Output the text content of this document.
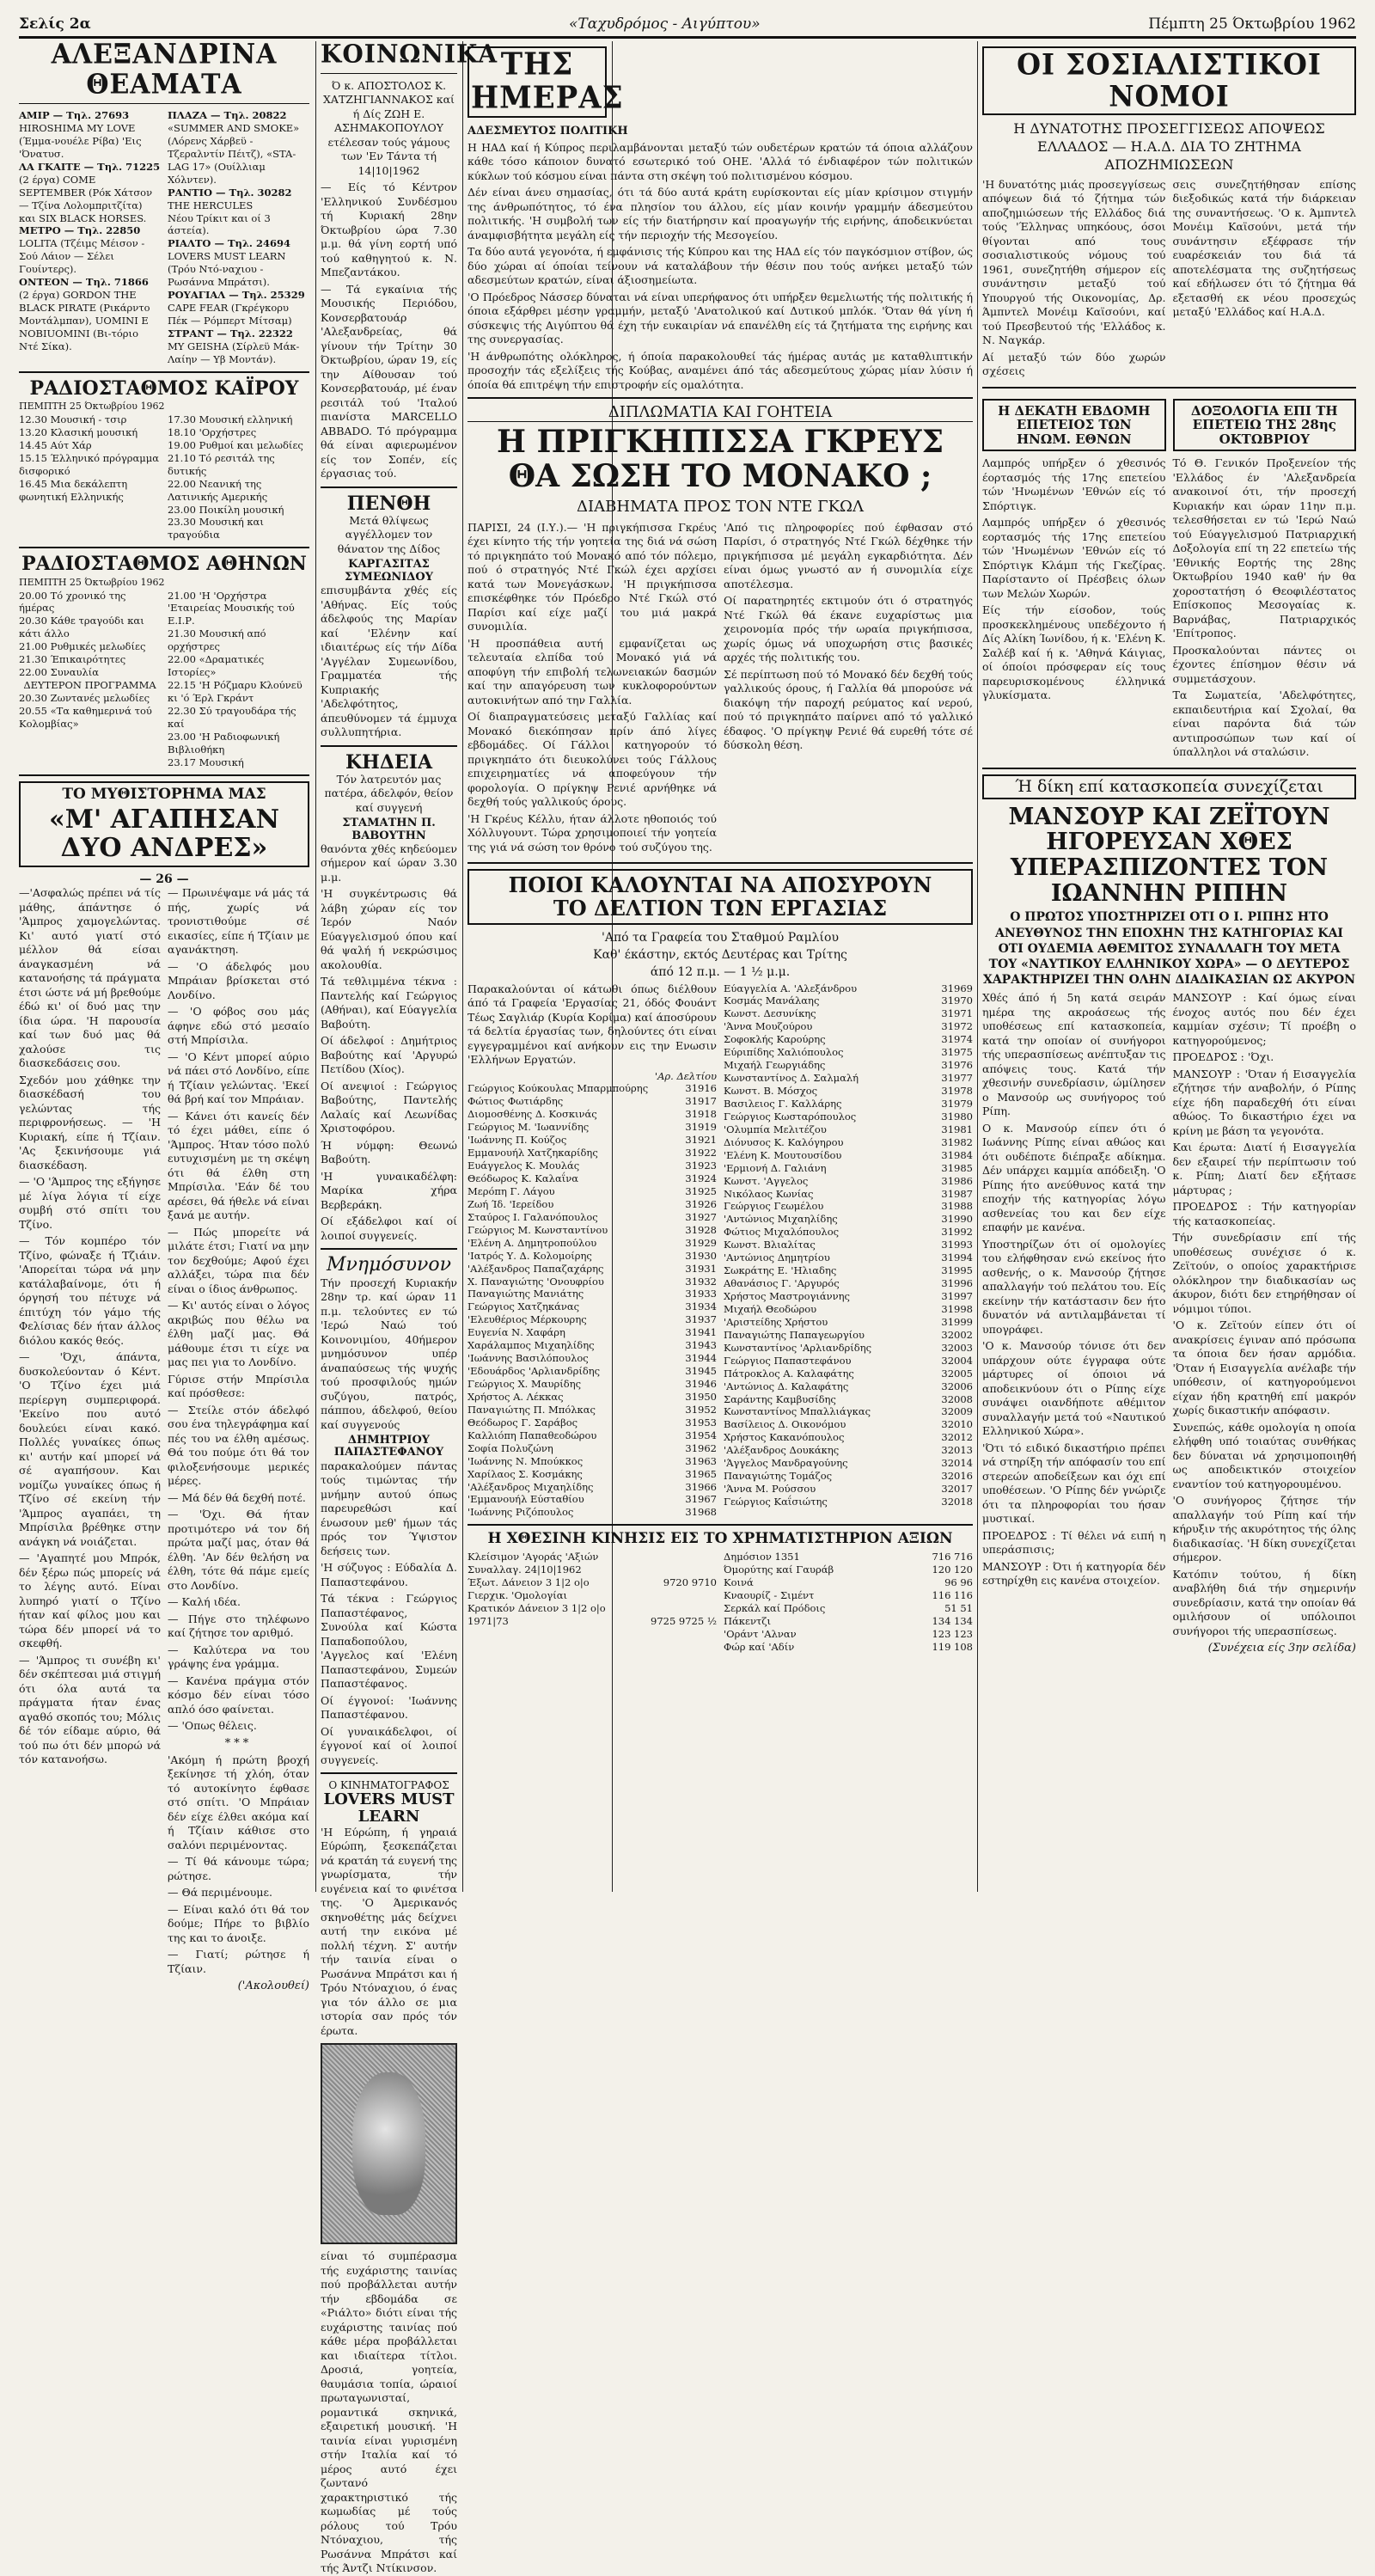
Σελίς 2α	«Ταχυδρόμος - Αιγύπτου»	Πέμπτη 25 Όκτωβρίου 1962
ΑΛΕΞΑΝΔΡΙΝΑ ΘΕΑΜΑΤΑ
ΑΜΙΡ — Τηλ. 27693
HIROSHIMA MY LOVE (Έμμα-νουέλε Ρίβα) 'Εις 'Όνατυσ.
ΛΑ ΓΚΑΙΤΕ — Τηλ. 71225
(2 έργα) COME SEPTEMBER (Ρόκ Χάτσον — Τζίνα Λολομπριτζίτα) και SIX BLACK HORSES.
ΜΕΤΡΟ — Τηλ. 22850
LOLITA (Τζέιμς Μέισον - Σού Λάιον — Σέλει Γουίντερς).
ΟΝΤΕΟΝ — Τηλ. 71866
(2 έργα) GORDON THE BLACK PIRATE (Ρικάρντο Μοντάλμπαν), UOMINI E NOBIUOMINI (Βι-τόριο Ντέ Σίκα).
ΠΛΑΖΑ — Τηλ. 20822
«SUMMER AND SMOKE» (Λόρενς Χάρβεϋ - Τζεραλντίν Πέιτζ), «STA-LAG 17» (Ουίλλιαμ Χόλντεν).
ΡΑΝΤΙΟ — Τηλ. 30282
THE HERCULES
Νέου Τρίκιτ και οί 3 άστεία).
ΡΙΑΛΤΟ — Τηλ. 24694
LOVERS MUST LEARN (Τρόυ Ντό-ναχιου - Ρωσάννα Μπράτσι).
ΡΟΥΑΓΙΑΛ — Τηλ. 25329
CAPE FEAR (Γκρέγκορυ Πέκ — Ρόμπερτ Μίτσαμ)
ΣΤΡΑΝΤ — Τηλ. 22322
MY GEISHA (Σίρλεϋ Μάκ-Λαίην — Υβ Μοντάν).
ΡΑΔΙΟΣΤΑΘΜΟΣ ΚΑΪΡΟΥ
ΠΕΜΠΤΗ 25 Όκτωβρίου 1962
12.30 Μουσική - τσιρ
13.20 Κλασική μουσική
14.45 Αύτ Χάρ
15.15 Έλληνικό πρόγραμμα δισφορικό
16.45 Μια δεκάλεπτη φωνητική Ελληνικής
17.30 Μουσική ελληνική
18.10 'Ορχήστρες
19.00 Ρυθμοί και μελωδίες
21.10 Τό ρεσιτάλ της δυτικής
22.00 Νεανική της Λατινικής Αμερικής
23.00 Ποικίλη μουσική
23.30 Μουσική και τραγούδια
ΡΑΔΙΟΣΤΑΘΜΟΣ ΑΘΗΝΩΝ
ΠΕΜΠΤΗ 25 Όκτωβρίου 1962
20.00 Τό χρονικό της ήμέρας
20.30 Κάθε τραγούδι και κάτι άλλο
21.00 Ρυθμικές μελωδίες
21.30 Έπικαιρότητες
22.00 Συναυλία
ΔΕΥΤΕΡΟΝ ΠΡΟΓΡΑΜΜΑ
20.30 Ζωντανές μελωδίες
20.55 «Τα καθημερινά τού Κολομβίας»
21.00 'Η 'Ορχήστρα 'Εταιρείας Μουσικής τού Ε.Ι.Ρ.
21.30 Μουσική από ορχήστρες
22.00 «Δραματικές Ιστορίες»
22.15 'Η Ρόζμαρυ Κλούνεϋ κι 'ό Έρλ Γκράντ
22.30 Σύ τραγουδάρα τής καί
23.00 'Η Ραδιοφωνική Βιβλιοθήκη
23.17 Μουσική
ΤΟ ΜΥΘΙΣΤΟΡΗΜΑ ΜΑΣ
«Μ' ΑΓΑΠΗΣΑΝ ΔΥΟ ΑΝΔΡΕΣ»
— 26 —

—'Ασφαλώς πρέπει νά τίς μάθης, άπάντησε ό 'Άμπρος χαμογελώντας. Κι' αυτό γιατί στό μέλλον θά είσαι άναγκασμένη νά κατανοήσης τά πράγματα έτσι ώστε νά μή βρεθούμε έδώ κι' οί δυό μας την ίδια ώρα. 'Η παρουσία καί των δυό μας θά χαλούσε τις διασκεδάσεις σου.

Σχεδόν μου χάθηκε την διασκέδασή του γελώντας τής περιφρονήσεως. — 'Η Κυριακή, είπε ή Τζίαιν. 'Ας ξεκινήσουμε γιά διασκέδαση.

— 'Ο 'Άμπρος της εξήγησε μέ λίγα λόγια τί είχε συμβή στό σπίτι του Τζίνο.

— Τόν κομπέρο τόν Τζίνο, φώναξε ή Τζιάιν. 'Απορείται τώρα νά μην κατάλαβαίνομε, ότι ή όργησή του πέτυχε νά έπιτύχη τόν γάμο τής Φελίσιας δέν ήταν άλλος διόλου κακός θεός.

— 'Όχι, άπάντα, δυσκολεύονταν ό Κέντ. 'Ο Τζίνο έχει μιά περίεργη συμπεριφορά. 'Εκείνο που αυτό δουλεύει είναι κακό. Πολλές γυναίκες όπως κι' αυτήν καί μπορεί νά σέ αγαπήσουν. Και νομίζω γυναίκες όπως ή Τζίνο σέ εκείνη τήν 'Άμπρος αγαπάει, τη Μπρίσιλα βρέθηκε στην ανάγκη νά νοιάζεται.

— 'Αγαπητέ μου Μπρόκ, δέν ξέρω πώς μπορείς νά το λέγης αυτό. Είναι λυπηρό γιατί ο Τζίνο ήταν καί φίλος μου και τώρα δέν μπορεί νά το σκεφθή.

— 'Άμπρος τι συνέβη κι' δέν σκέπτεσαι μιά στιγμή ότι όλα αυτά τα πράγματα ήταν ένας αγαθό σκοπός του; Μόλις δέ τόν είδαμε αύριο, θά τού πω ότι δέν μπορώ νά τόν κατανοήσω.

— Πρωινέψαμε νά μάς τά πής, χωρίς νά τρονιστιθούμε σέ εικασίες, είπε ή Τζίαιν με αγανάκτηση.

— 'Ο άδελφός μου Μπράιαν βρίσκεται στό Λονδίνο.

— 'Ο φόβος σου μάς άφηνε εδώ στό μεσαίο στή Μπρίσιλα.

— 'Ο Κέντ μπορεί αύριο νά πάει στό Λονδίνο, είπε ή Τζίαιν γελώντας. 'Εκεί θά βρή καί τον Μπράιαν.

— Κάνει ότι κανείς δέν τό έχει μάθει, είπε ό 'Άμπρος. Ήταν τόσο πολύ ευτυχισμένη με τη σκέψη ότι θά έλθη στη Μπρίσιλα. 'Εάν δέ του αρέσει, θά ήθελε νά είναι ξανά με αυτήν.

— Πώς μπορείτε νά μιλάτε έτσι; Γιατί να μην τον δεχθούμε; Αφού έχει αλλάξει, τώρα πια δέν είναι ο ίδιος άνθρωπος.

— Κι' αυτός είναι ο λόγος ακριβώς που θέλω να έλθη μαζί μας. Θά μάθουμε έτσι τι είχε να μας πει για το Λονδίνο.

Γύρισε στήν Μπρίσιλα καί πρόσθεσε:

— Στείλε στόν άδελφό σου ένα τηλεγράφημα καί πές του να έλθη αμέσως. Θά του πούμε ότι θά τον φιλοξενήσουμε μερικές μέρες.

— Μά δέν θά δεχθή ποτέ.

— 'Όχι. Θά ήταν προτιμότερο νά τον δή πρώτα μαζί μας, όταν θά έλθη. 'Αν δέν θελήση να έλθη, τότε θά πάμε εμείς στο Λονδίνο.

— Καλή ιδέα.

— Πήγε στο τηλέφωνο καί ζήτησε τον αριθμό.

— Καλύτερα να του γράψης ένα γράμμα.

— Κανένα πράγμα στόν κόσμο δέν είναι τόσο απλό όσο φαίνεται.

— 'Οπως θέλεις.

***

'Ακόμη ή πρώτη βροχή ξεκίνησε τή χλόη, όταν τό αυτοκίνητο έφθασε στό σπίτι. 'Ο Μπράιαν δέν είχε έλθει ακόμα καί ή Τζίαιν κάθισε στο σαλόνι περιμένοντας.

— Τί θά κάνουμε τώρα; ρώτησε.

— Θά περιμένουμε.

— Είναι καλό ότι θά τον δούμε; Πήρε το βιβλίο της και το άνοιξε.

— Γιατί; ρώτησε ή Τζίαιν.

('Ακολουθεί)
ΚΟΙΝΩΝΙΚΑ

Ό κ. ΑΠΟΣΤΟΛΟΣ Κ. ΧΑΤΖΗΓΙΑΝΝΑΚΟΣ καί ή Δίς ΖΩΗ Ε. ΑΣΗΜΑΚΟΠΟΥΛΟΥ ετέλεσαν τούς γάμους των 'Εν Τάντα τή 14|10|1962

— Είς τό Κέντρον 'Ελληνικού Συνδέσμου τή Κυριακή 28ην Όκτωβρίου ώρα 7.30 μ.μ. θά γίνη εορτή υπό τού καθηγητού κ. Ν. Μπεζαντάκου.

— Τά εγκαίνια τής Μουσικής Περιόδου, Κονσερβατουάρ 'Αλεξανδρείας, θά γίνουν τήν Τρίτην 30 Όκτωβρίου, ώραν 19, είς την Αίθουσαν τού Κονσερβατουάρ, μέ έναν ρεσιτάλ τού 'Ιταλού πιανίστα MARCELLO ABBADO. Τό πρόγραμμα θά είναι αφιερωμένον είς τον Σοπέν, είς έργασιας τού.

ΠΕΝΘΗ

Μετά θλίψεως αγγέλλομεν τον θάνατον της Δίδος

ΚΑΡΓΑΣΙΤΑΣ ΣΥΜΕΩΝΙΔΟΥ

επισυμβάντα χθές είς 'Αθήνας. Είς τούς άδελφούς της Μαρίαν καί 'Ελένην καί ιδιαιτέρως είς τήν Δίδα 'Αγγέλαν Συμεωνίδου, Γραμματέα τής Κυπριακής 'Αδελφότητος, άπευθύνομεν τά έμμυχα συλλυπητήρια.

ΚΗΔΕΙΑ

Τόν λατρευτόν μας πατέρα, άδελφόν, θείον καί συγγενή

ΣΤΑΜΑΤΗΝ Π. ΒΑΒΟΥΤΗΝ

θανόντα χθές κηδεύομεν σήμερον καί ώραν 3.30 μ.μ.

'Η συγκέντρωσις θά λάβη χώραν είς τον Ίερόν Ναόν Εύαγγελισμού όπου καί θά ψαλή ή νεκρώσιμος ακολουθία.

Τά τεθλιμμένα τέκνα : Παντελής καί Γεώργιος (Αθήναι), καί Εύαγγελία Βαβούτη.

Οί άδελφοί : Δημήτριος Βαβούτης καί 'Αργυρώ Πετίδου (Χίος).

Οί ανεψιοί : Γεώργιος Βαβούτης, Παντελής Λαλαίς καί Λεωνίδας Χριστοφόρου.

Ή νύμφη: Θεωνώ Βαβούτη.

'Η γυναικαδέλφη: Μαρίκα χήρα Βερβεράκη.

Οί εξάδελφοι καί οί λοιποί συγγενείς.

Μνημόσυνον

Τήν προσεχή Κυριακήν 28ην τρ. καί ώραν 11 π.μ. τελούντες εν τώ 'Ιερώ Ναώ τού Κοινονιμίου, 40ήμερον μνημόσυνον υπέρ άναπαύσεως τής ψυχής τού προσφιλούς ημών συζύγου, πατρός, πάππου, άδελφού, θείου καί συγγενούς

ΔΗΜΗΤΡΙΟΥ ΠΑΠΑΣΤΕΦΑΝΟΥ

παρακαλούμεν πάντας τούς τιμώντας τήν μνήμην αυτού όπως παρευρεθώσι καί ένωσουν μεθ' ήμων τάς πρός τον Ύψιστον δεήσεις των.

'Η σύζυγος : Εύδαλία Δ. Παπαστεφάνου.

Τά τέκνα : Γεώργιος Παπαστέφανος, Συνούλα καί Κώστα Παπαδοπούλου, 'Αγγελος καί 'Ελένη Παπαστεφάνου, Συμεών Παπαστέφανος.

Οί έγγονοί: 'Ιωάννης Παπαστέφανου.

Οί γυναικάδελφοι, οί έγγονοί καί οί λοιποί συγγενείς.

Ο ΚΙΝΗΜΑΤΟΓΡΑΦΟΣ
LOVERS MUST LEARN

'Η Εύρώπη, ή γηραιά Εύρώπη, ξεσκεπάζεται νά κρατάη τά ευγενή της γνωρίσματα, τήν ευγένεια καί το φινέτσα της. 'Ο Άμερικανός σκηνοθέτης μάς δείχνει αυτή την εικόνα μέ πολλή τέχνη. Σ' αυτήν τήν ταινία είναι ο Ρωσάννα Μπράτσι και ή Τρόυ Ντόναχιου, ό ένας για τόν άλλο σε μια ιστορία σαν πρός τόν έρωτα.

είναι τό συμπέρασμα τής ευχάριστης ταινίας πού προβάλλεται αυτήν τήν εβδομάδα σε «Ριάλτο» διότι είναι τής ευχάριστης ταινίας πού κάθε μέρα προβάλλεται και ιδιαίτερα τίτλοι. Δροσιά, γοητεία, θαυμάσια τοπία, ώραιοί πρωταγωνισταί, ρομαντικά σκηνικά, εξαιρετική μουσική. 'Η ταινία είναι γυρισμένη στήν Ιταλία καί τό μέρος αυτό έχει ζωντανό χαρακτηριστικό τής κωμωδίας μέ τούς ρόλους τού Τρόυ Ντόναχιου, τής Ρωσάννα Μπράτσι καί τής Άντζι Ντίκινσον.

ΤΗΣ ΗΜΕΡΑΣ
ΑΔΕΣΜΕΥΤΟΣ ΠΟΛΙΤΙΚΗ

Η ΗΑΔ καί ή Κύπρος περιλαμβάνονται μεταξύ τών ουδετέρων κρατών τά όποια αλλάζουν κάθε τόσο κάποιον δυνατό εσωτερικό τού ΟΗΕ. 'Αλλά τό ένδιαφέρον τών πολιτικών κύκλων τού κόσμου είναι πάντα στη σκέψη τού πολιτισμένου κόσμου.

Δέν είναι άνευ σημασίας, ότι τά δύο αυτά κράτη ευρίσκονται είς μίαν κρίσιμον στιγμήν της άνθρωπότητος, τό ένα πλησίον του άλλου, είς μίαν κοινήν γραμμήν άδεσμεύτου πολιτικής. 'Η συμβολή των είς τήν διατήρησιν καί προαγωγήν τής ειρήνης, άποδεικνύεται άναμφισβήτητα μεγάλη είς τήν περιοχήν τής Μεσογείου.

Τα δύο αυτά γεγονότα, ή εμφάνισις τής Κύπρου και της ΗΑΔ είς τόν παγκόσμιον στίβον, ώς δύο χώραι αί όποίαι τείνουν νά καταλάβουν τήν θέσιν που τούς ανήκει μεταξύ τών αδεσμεύτων κρατών, είναι άξιοσημείωτα.

'Ο Πρόεδρος Νάσσερ δύναται νά είναι υπερήφανος ότι υπήρξεν θεμελιωτής τής πολιτικής ή όποια εξάρθρει μέσην γραμμήν, μεταξύ 'Ανατολικού καί Δυτικού μπλόκ. 'Όταν θά γίνη ή σύσκεψις τής Αιγύπτου θά έχη τήν ευκαιρίαν νά επανέλθη είς τά ζητήματα της ειρήνης και της συνεργασίας.

'Η άνθρωπότης ολόκληρος, ή όποία παρακολουθεί τάς ήμέρας αυτάς με καταθλιπτικήν προσοχήν τάς εξελίξεις τής Κούβας, αναμένει άπό τάς αδεσμεύτους χώρας μίαν λύσιν ή όποία θά επιτρέψη τήν επιστροφήν είς ομαλότητα.

ΔΙΠΛΩΜΑΤΙΑ ΚΑΙ ΓΟΗΤΕΙΑ
Η ΠΡΙΓΚΗΠΙΣΣΑ ΓΚΡΕΥΣ
ΘΑ ΣΩΣΗ ΤΟ ΜΟΝΑΚΟ ;
ΔΙΑΒΗΜΑΤΑ ΠΡΟΣ ΤΟΝ ΝΤΕ ΓΚΩΛ

ΠΑΡΙΣΙ, 24 (Ι.Υ.).— 'Η πριγκήπισσα Γκρέυς έχει κίνητο τής τήν γοητεία της διά νά σώση τό πριγκηπάτο τού Μονακό από τόν πόλεμο, πού ό στρατηγός Ντέ Γκώλ έχει αρχίσει κατά των Μονεγάσκων. 'Η πριγκήπισσα επισκέφθηκε τόν Πρόεδρο Ντέ Γκώλ στό Παρίσι καί είχε μαζί του μιά μακρά συνομιλία.

'Η προσπάθεια αυτή εμφανίζεται ως τελευταία ελπίδα τού Μονακό γιά νά αποφύγη τήν επιβολή τελωνειακών δασμών καί την απαγόρευση των κυκλοφορούντων αυτοκινήτων από την Γαλλία.

Οί διαπραγματεύσεις μεταξύ Γαλλίας καί Μονακό διεκόπησαν πρίν άπό λίγες εβδομάδες. Οί Γάλλοι κατηγορούν τό πριγκηπάτο ότι διευκολύνει τούς Γάλλους επιχειρηματίες νά αποφεύγουν τήν φορολογία. Ο πρίγκηψ Ρενιέ αρνήθηκε νά δεχθή τούς γαλλικούς όρους.

'Η Γκρέυς Κέλλυ, ήταν άλλοτε ηθοποιός τού Χόλλυγουντ. Τώρα χρησιμοποιεί τήν γοητεία της γιά νά σώση τον θρόνο τού συζύγου της.

'Από τις πληροφορίες πού έφθασαν στό Παρίσι, ό στρατηγός Ντέ Γκώλ δέχθηκε τήν πριγκήπισσα μέ μεγάλη εγκαρδιότητα. Δέν είναι όμως γνωστό αν ή συνομιλία είχε αποτέλεσμα.

Οί παρατηρητές εκτιμούν ότι ό στρατηγός Ντέ Γκώλ θά έκανε ευχαρίστως μια χειρονομία πρός τήν ωραία πριγκήπισσα, χωρίς όμως νά υποχωρήση στις βασικές αρχές τής πολιτικής του.

Σέ περίπτωση πού τό Μονακό δέν δεχθή τούς γαλλικούς όρους, ή Γαλλία θά μπορούσε νά διακόψη τήν παροχή ρεύματος καί νερού, πού τό πριγκηπάτο παίρνει από τό γαλλικό έδαφος. 'Ο πρίγκηψ Ρενιέ θά ευρεθή τότε σέ δύσκολη θέση.

ΠΟΙΟΙ ΚΑΛΟΥΝΤΑΙ ΝΑ ΑΠΟΣΥΡΟΥΝ
ΤΟ ΔΕΛΤΙΟΝ ΤΩΝ ΕΡΓΑΣΙΑΣ
'Από τα Γραφεία του Σταθμού Ραμλίου
Καθ' έκάστην, εκτός Δευτέρας και Τρίτης
άπό 12 π.μ. — 1 ½ μ.μ.

Παρακαλούνται οί κάτωθι όπως διέλθουν άπό τά Γραφεία 'Εργασίας 21, όδός Φουάντ Τέως Σαγλιάρ (Κυρία Κορίμα) καί άποσύρουν τά δελτία έργασίας των, δηλούντες ότι είναι εγγεγραμμένοι καί ανήκουν εις την Ενωσιν 'Ελλήνων Εργατών.

'Αρ. Δελτίου
Γεώργιος Κούκουλας Μπαρμπούρης	31916
Φώτιος Φωτιάρδης	31917
Διομοσθένης Δ. Κοσκινάς	31918
Γεώργιος Μ. 'Ιωαννίδης	31919
'Ιωάννης Π. Κούζος	31921
Εμμανουήλ Χατζηκαρίδης	31922
Ευάγγελος Κ. Μουλάς	31923
Θεόδωρος Κ. Καλαΐνα	31924
Μερόπη Γ. Λάγου	31925
Ζωή Ίδ. 'Ιερείδου	31926
Σταύρος Ι. Γαλανόπουλος	31927
Γεώργιος Μ. Κωνσταντίνου	31928
'Ελένη Α. Δημητροπούλου	31929
'Ιατρός Υ. Δ. Κολομοίρης	31930
'Αλέξανδρος Παπαζαχάρης	31931
Χ. Παναγιώτης 'Ονουφρίου	31932
Παναγιώτης Μανιάτης	31933
Γεώργιος Χατζηκάνας	31934
'Ελευθέριος Μέρκουρης	31937
Ευγενία Ν. Χαφάρη	31941
Χαράλαμπος Μιχαηλίδης	31943
'Ιωάννης Βασιλόπουλος	31944
'Εδουάρδος 'Αρλιανδρίδης	31945
Γεώργιος Χ. Μαυρίδης	31946
Χρήστος Α. Λέκκας	31950
Παναγιώτης Π. Μπόλκας	31952
Θεόδωρος Γ. Σαράβος	31953
Καλλιόπη Παπαθεοδώρου	31954
Σοφία Πολυζώνη	31962
'Ιωάννης Ν. Μπούκκος	31963
Χαρίλαος Σ. Κοσμάκης	31965
'Αλέξανδρος Μιχαηλίδης	31966
'Εμμανουήλ Εύσταθίου	31967
'Ιωάννης Ριζόπουλος	31968
Εύαγγελία Α. 'Αλεξάνδρου	31969
Κοσμάς Μανάλαης	31970
Κωνστ. Δεσυνίκης	31971
'Άννα Μουζούρου	31972
Σοφοκλής Καρούρης	31974
Εύριπίδης Χαλιόπουλος	31975
Μιχαήλ Γεωργιάδης	31976
Κωνσταντίνος Δ. Σαλμαλή	31977
Κωνστ. Β. Μόσχος	31978
Βασιλειος Γ. Καλλάρης	31979
Γεώργιος Κωσταρόπουλος	31980
'Ολυμπία Μελιτέζου	31981
Διόνυσος Κ. Καλόγηρου	31982
'Ελένη Κ. Μουτουσίδου	31984
'Ερμιονή Δ. Γαλιάνη	31985
Κωνστ. 'Αγγελος	31986
Νικόλαος Κωνίας	31987
Γεώργιος Γεωμέλου	31988
'Αντώνιος Μιχαηλίδης	31990
Φώτιος Μιχαλόπουλος	31992
Κωνστ. Βλιαλίτας	31993
'Αντώνιος Δημητρίου	31994
Σωκράτης Ε. 'Ηλιαδης	31995
Αθανάσιος Γ. 'Αργυρός	31996
Χρήστος Μαστρογιάννης	31997
Μιχαήλ Θεοδώρου	31998
'Αριστείδης Χρήστου	31999
Παναγιώτης Παπαγεωργίου	32002
Κωνσταντίνος 'Αρλιανδρίδης	32003
Γεώργιος Παπαστεφάνου	32004
Πάτροκλος Α. Καλαφάτης	32005
'Αντώνιος Δ. Καλαφάτης	32006
Σαράντης Καμβυσίδης	32008
Κωνσταντίνος Μπαλλιάγκας	32009
Βασίλειος Δ. Οικονόμου	32010
Χρήστος Κακανόπουλος	32012
'Αλέξανδρος Δουκάκης	32013
'Άγγελος Μανδραγούνης	32014
Παναγιώτης Τομάζος	32016
'Άννα Μ. Ρούσσου	32017
Γεώργιος Καΐσιώτης	32018
Η ΧΘΕΣΙΝΗ ΚΙΝΗΣΙΣ ΕΙΣ ΤΟ ΧΡΗΜΑΤΙΣΤΗΡΙΟΝ ΑΞΙΩΝ
Κλείσιμον 'Αγοράς 'Αξιών
Συναλλαγ. 24|10|1962
Έξωτ. Δάνειον 3 1|2 ο|ο	9720 9710
Γιερχικ. 'Ομολογίαι
Κρατικόν Δάνειον 3 1|2 ο|ο
1971|73	9725 9725 ½
Δημόσιον 1351	716 716
Όμορύτης καί Γαυράβ	120 120
Κοινά	96 96
Κναουρίζ - Σιμέντ	116 116
Σερκάλ καί Πρόδοις	51 51
Πάκεντζι	134 134
'Οράντ 'Αλναν	123 123
Φώρ καί 'Αδίν	119 108
ΟΙ ΣΟΣΙΑΛΙΣΤΙΚΟΙ ΝΟΜΟΙ
Η ΔΥΝΑΤΟΤΗΣ ΠΡΟΣΕΓΓΙΣΕΩΣ ΑΠΟΨΕΩΣ ΕΛΛΑΔΟΣ — Η.Α.Δ. ΔΙΑ ΤΟ ΖΗΤΗΜΑ ΑΠΟΖΗΜΙΩΣΕΩΝ

'Η δυνατότης μιάς προσεγγίσεως απόψεων διά τό ζήτημα τών αποζημιώσεων τής Ελλάδος διά τούς 'Έλληνας υπηκόους, όσοι θίγονται από τους σοσιαλιστικούς νόμους τού 1961, συνεζητήθη σήμερον είς συνάντησιν μεταξύ τού Υπουργού τής Οικονομίας, Δρ. Άμπντελ Μονέιμ Καϊσούνι, καί τού Πρεσβευτού τής 'Ελλάδος κ. Ν. Ναγκάρ.

Αί μεταξύ τών δύο χωρών σχέσεις

σεις συνεζητήθησαν επίσης διεξοδικώς κατά τήν διάρκειαν της συναντήσεως. 'Ο κ. Άμπντελ Μονέιμ Καϊσούνι, μετά τήν συνάντησιν εξέφρασε τήν ευαρέσκειάν του διά τά αποτελέσματα της συζητήσεως καί εδήλωσεν ότι τό ζήτημα θά εξετασθή εκ νέου προσεχώς μεταξύ 'Ελλάδος καί Η.Α.Δ.

Η ΔΕΚΑΤΗ ΕΒΔΟΜΗ ΕΠΕΤΕΙΟΣ ΤΩΝ ΗΝΩΜ. ΕΘΝΩΝ

Λαμπρός υπήρξεν ό χθεσινός έορτασμός τής 17ης επετείου τών 'Ηνωμένων 'Εθνών είς τό Σπόρτιγκ.

Λαμπρός υπήρξεν ό χθεσινός εορτασμός τής 17ης επετείου τών 'Ηνωμένων 'Εθνών είς τό Σπόρτιγκ Κλάμπ τής Γκεζίρας. Παρίσταντο οί Πρέσβεις όλων των Μελών Χωρών.

Είς τήν είσοδον, τούς προσκεκλημένους υπεδέχοντο ή Δίς Αλίκη Ίωνίδου, ή κ. 'Ελένη Κ. Σαλέβ καί ή κ. 'Αθηνά Κάιγιας, οί όποίοι πρόσφεραν είς τους παρευρισκομένους έλληνικά γλυκίσματα.

ΔΟΞΟΛΟΓΙΑ ΕΠΙ ΤΗ ΕΠΕΤΕΙΩ ΤΗΣ 28ης ΟΚΤΩΒΡΙΟΥ

Τό Θ. Γενικόν Προξενείον τής 'Ελλάδος έν 'Αλεξανδρεία ανακοινοί ότι, τήν προσεχή Κυριακήν και ώραν 11ην π.μ. τελεσθήσεται εν τώ 'Ιερώ Ναώ τού Εύαγγελισμού Πατριαρχική Δοξολογία επί τη 22 επετείω τής 'Εθνικής Εορτής της 28ης Όκτωβρίου 1940 καθ' ήν θα χοροστατήση ό Θεοφιλέστατος Επίσκοπος Μεσογαίας κ. Βαρνάβας, Πατριαρχικός 'Επίτροπος.

Προσκαλούνται πάντες οι έχοντες έπίσημον θέσιν νά συμμετάσχουν.

Τα Σωματεία, 'Αδελφότητες, εκπαιδευτήρια καί Σχολαί, θα είναι παρόντα διά τών αντιπροσώπων των καί οί ύπαλληλοι νά σταλώσιν.

Ή δίκη επί κατασκοπεία συνεχίζεται
ΜΑΝΣΟΥΡ ΚΑΙ ΖΕΪΤΟΥΝ ΗΓΟΡΕΥΣΑΝ ΧΘΕΣ ΥΠΕΡΑΣΠΙΖΟΝΤΕΣ ΤΟΝ ΙΩΑΝΝΗΝ ΡΙΠΗΝ
Ο ΠΡΩΤΟΣ ΥΠΟΣΤΗΡΙΖΕΙ ΟΤΙ Ο Ι. ΡΙΠΗΣ ΗΤΟ ΑΝΕΥΘΥΝΟΣ ΤΗΝ ΕΠΟΧΗΝ ΤΗΣ ΚΑΤΗΓΟΡΙΑΣ ΚΑΙ ΟΤΙ ΟΥΔΕΜΙΑ ΑΘΕΜΙΤΟΣ ΣΥΝΑΛΛΑΓΗ ΤΟΥ ΜΕΤΑ ΤΟΥ «ΝΑΥΤΙΚΟΥ ΕΛΛΗΝΙΚΟΥ ΧΩΡΑ» — Ο ΔΕΥΤΕΡΟΣ ΧΑΡΑΚΤΗΡΙΖΕΙ ΤΗΝ ΟΛΗΝ ΔΙΑΔΙΚΑΣΙΑΝ ΩΣ ΑΚΥΡΟΝ

Χθές άπό ή 5η κατά σειράν ημέρα της ακροάσεως τής υποθέσεως επί κατασκοπεία, κατά την οποίαν οί συνήγοροι τής υπερασπίσεως ανέπτυξαν τις απόψεις τους. Κατά τήν χθεσινήν συνεδρίασιν, ώμίλησεν ο Μανσούρ ως συνήγορος τού Ρίπη.

Ο κ. Μανσούρ είπεν ότι ό Ιωάννης Ρίπης είναι αθώος και ότι ουδέποτε διέπραξε αδίκημα. Δέν υπάρχει καμμία απόδειξη. 'Ο Ρίπης ήτο ανεύθυνος κατά την εποχήν τής κατηγορίας λόγω ασθενείας του και δεν είχε επαφήν με κανένα.

Υποστηρίζων ότι οί ομολογίες του ελήφθησαν ενώ εκείνος ήτο ασθενής, ο κ. Μανσούρ ζήτησε απαλλαγήν τού πελάτου του. Είς εκείνην τήν κατάστασιν δεν ήτο δυνατόν νά αντιλαμβάνεται τί υπογράφει.

'Ο κ. Μανσούρ τόνισε ότι δεν υπάρχουν ούτε έγγραφα ούτε μάρτυρες οί όποιοι νά αποδεικνύουν ότι ο Ρίπης είχε συνάψει οιανδήποτε αθέμιτον συναλλαγήν μετά τού «Ναυτικού Ελληνικού Χώρα».

'Ότι τό ειδικό δικαστήριο πρέπει νά στηρίξη τήν απόφασίν του επί στερεών αποδείξεων και όχι επί υποθέσεων. 'Ο Ρίπης δέν γνώριζε ότι τα πληροφορίαι του ήσαν μυστικαί.

ΠΡΟΕΔΡΟΣ : Τί θέλει νά ειπή η υπεράσπισις;

ΜΑΝΣΟΥΡ : Ότι ή κατηγορία δέν εστηρίχθη εις κανένα στοιχείον.

ΜΑΝΣΟΥΡ : Καί όμως είναι ένοχος αυτός που δέν έχει καμμίαν σχέσιν; Τί προέβη ο κατηγορούμενος;

ΠΡΟΕΔΡΟΣ : 'Όχι.

ΜΑΝΣΟΥΡ : 'Όταν ή Εισαγγελία εζήτησε τήν αναβολήν, ό Ρίπης είχε ήδη παραδεχθή ότι είναι αθώος. Το δικαστήριο έχει να κρίνη με βάση τα γεγονότα.

Και έρωτα: Διατί ή Εισαγγελία δεν εξαιρεί τήν περίπτωσιν τού κ. Ρίπη; Διατί δεν εξήτασε μάρτυρας ;

ΠΡΟΕΔΡΟΣ : Τήν κατηγορίαν τής κατασκοπείας.

Τήν συνεδρίασιν επί τής υποθέσεως συνέχισε ό κ. Ζεϊτούν, ο οποίος χαρακτήρισε ολόκληρον την διαδικασίαν ως άκυρον, διότι δεν ετηρήθησαν οί νόμιμοι τύποι.

'Ο κ. Ζεϊτούν είπεν ότι οί ανακρίσεις έγιναν από πρόσωπα τα όποια δεν ήσαν αρμόδια. 'Όταν ή Εισαγγελία ανέλαβε τήν υπόθεσιν, οί κατηγορούμενοι είχαν ήδη κρατηθή επί μακρόν χωρίς δικαστικήν απόφασιν.

Συνεπώς, κάθε ομολογία η οποία ελήφθη υπό τοιαύτας συνθήκας δεν δύναται νά χρησιμοποιηθή ως αποδεικτικόν στοιχείον εναντίον τού κατηγορουμένου.

'Ο συνήγορος ζήτησε τήν απαλλαγήν τού Ρίπη καί τήν κήρυξιν τής ακυρότητος τής όλης διαδικασίας. 'Η δίκη συνεχίζεται σήμερον.

Κατόπιν τούτου, ή δίκη αναβλήθη διά τήν σημερινήν συνεδρίασιν, κατά την οποίαν θά ομιλήσουν οί υπόλοιποι συνήγοροι τής υπερασπίσεως.

(Συνέχεια είς 3ην σελίδα)
